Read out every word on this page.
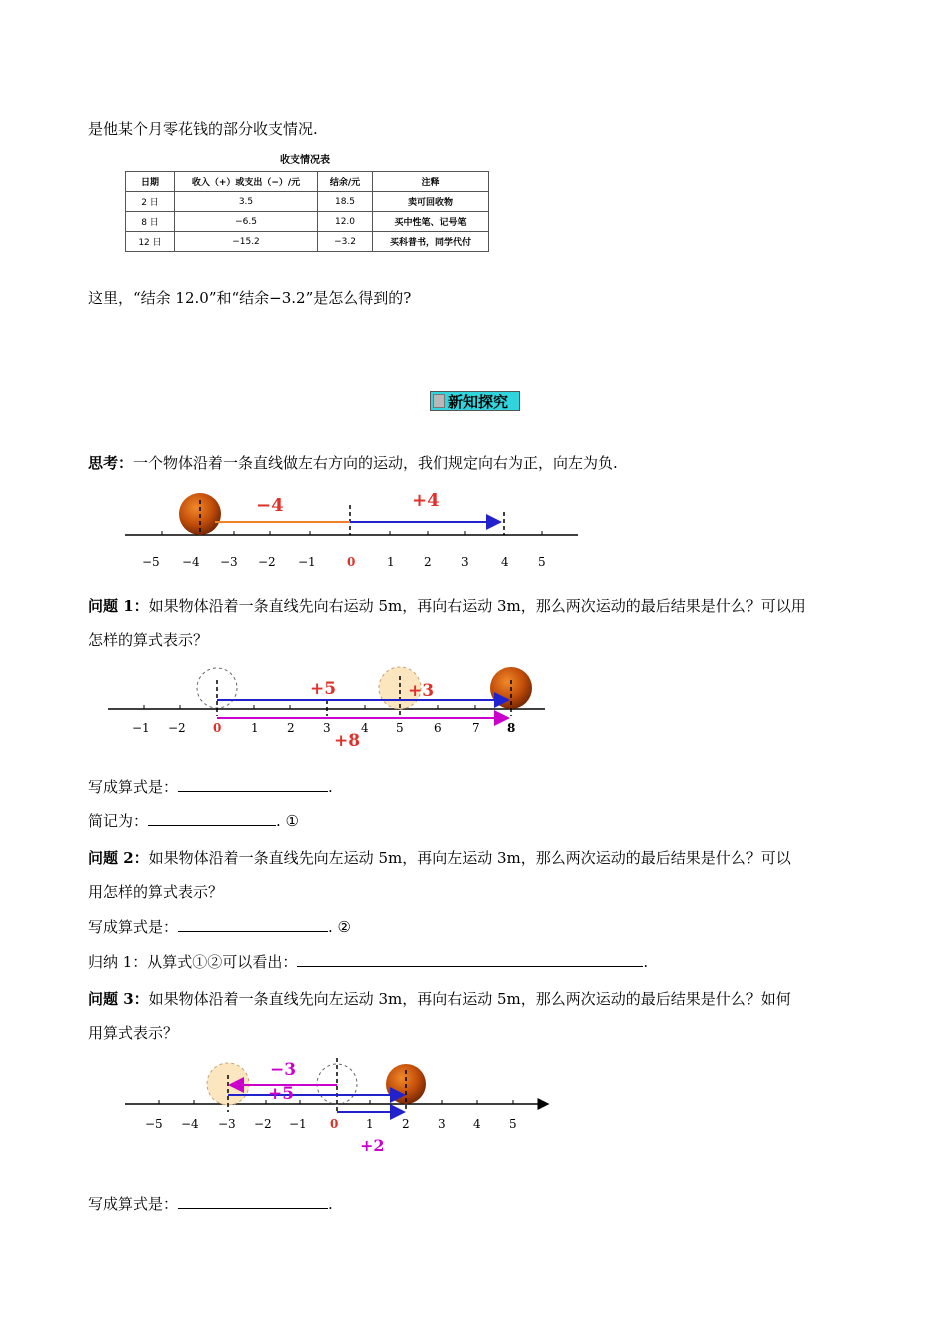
是他某个月零花钱的部分收支情况.
收支情况表
日期	收入（+）或支出（−）/元	结余/元	注释
2 日	3.5	18.5	卖可回收物
8 日	−6.5	12.0	买中性笔、记号笔
12 日	−15.2	−3.2	买科普书，同学代付
这里，“结余 12.0”和“结余−3.2”是怎么得到的?
新知探究
思考：一个物体沿着一条直线做左右方向的运动，我们规定向右为正，向左为负.
−4	+4
−5 −4 −3 −2 −1	0	1 2 3	4 5
+5	+3
−1 −2 0 1 2 3	4 5	6	7 8
+8
−3
+5
−5 −4 −3 −2 −1 0 1 2 3 4 5
+2
问题 1：如果物体沿着一条直线先向右运动 5m，再向右运动 3m，那么两次运动的最后结果是什么？可以用
怎样的算式表示？
写成算式是：	.
简记为：	. ①
问题 2：如果物体沿着一条直线先向左运动 5m，再向左运动 3m，那么两次运动的最后结果是什么？可以
用怎样的算式表示？
写成算式是：	. ②
归纳 1：从算式①②可以看出：	.
问题 3：如果物体沿着一条直线先向左运动 3m，再向右运动 5m，那么两次运动的最后结果是什么？如何
用算式表示？
写成算式是：	.
